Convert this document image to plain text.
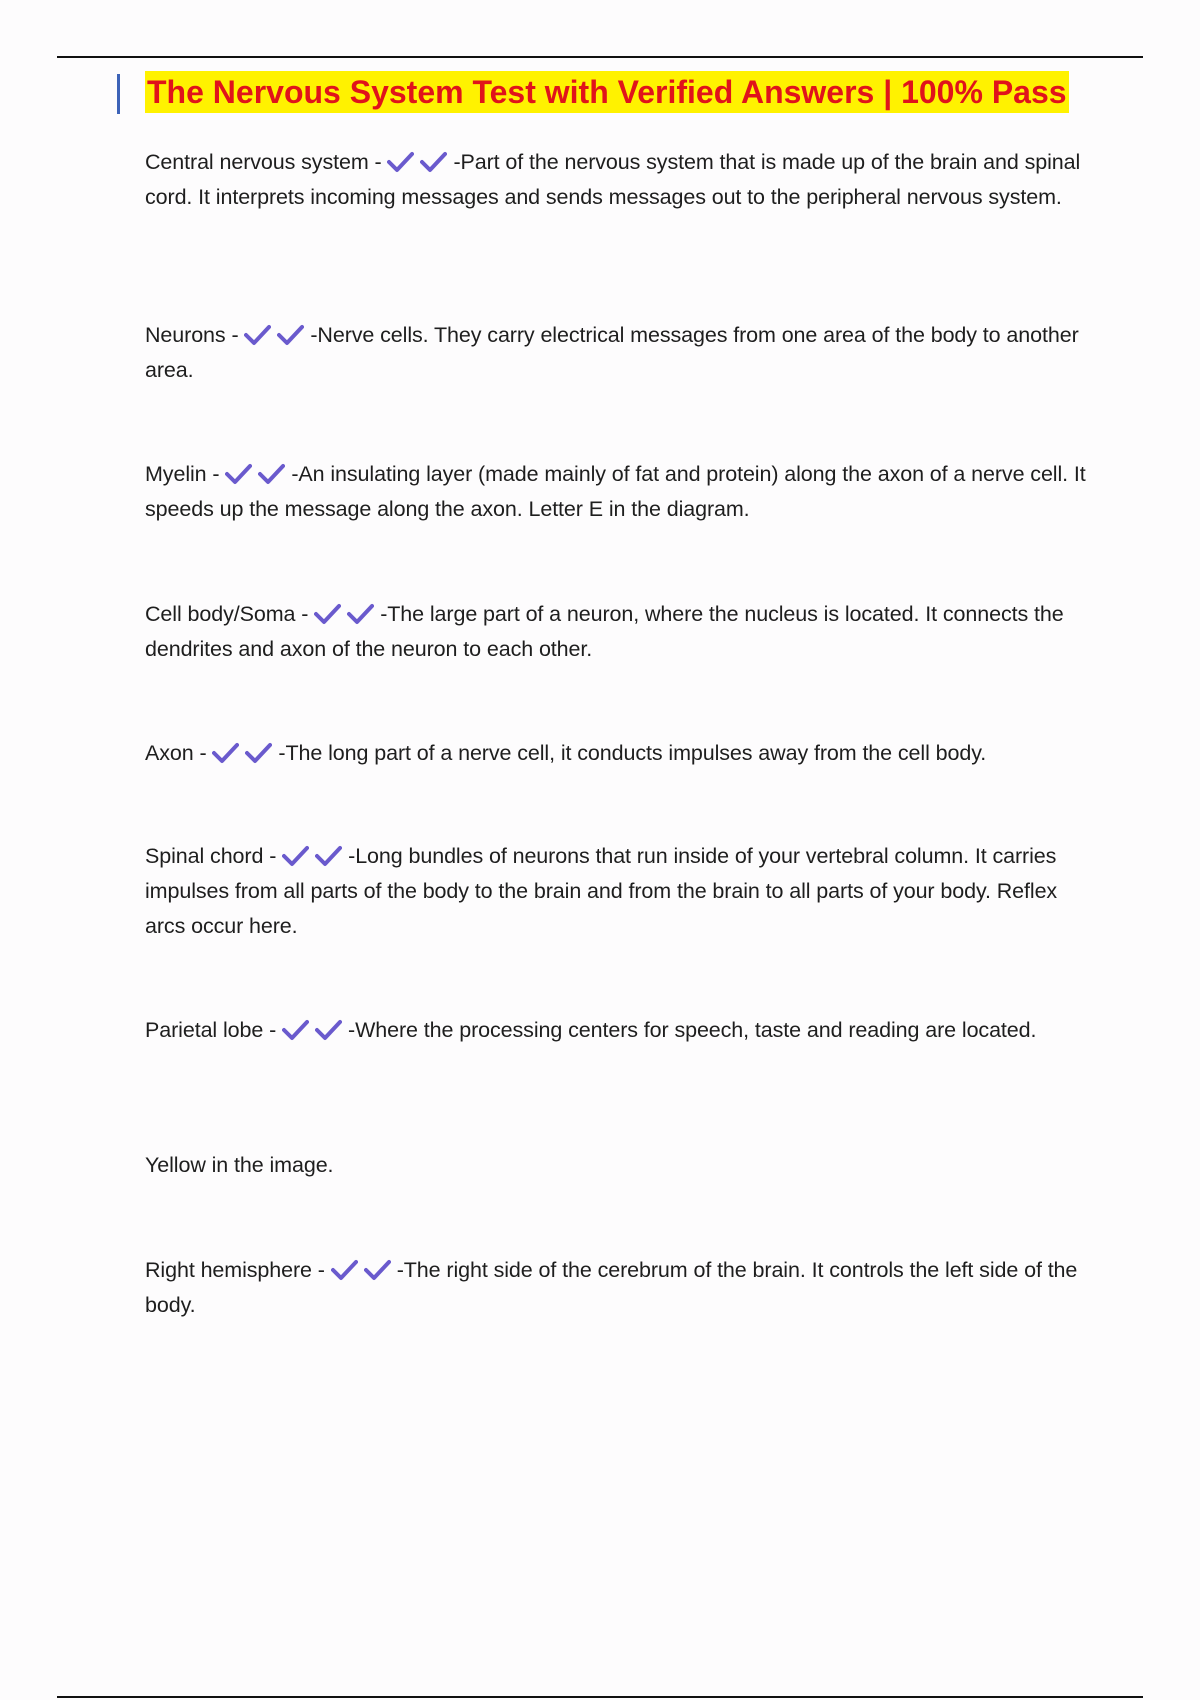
The Nervous System Test with Verified Answers | 100% Pass
Central nervous system -	-Part of the nervous system that is made up of the brain and spinal cord. It interprets incoming messages and sends messages out to the peripheral nervous system.
Neurons -	-Nerve cells. They carry electrical messages from one area of the body to another area.
Myelin -	-An insulating layer (made mainly of fat and protein) along the axon of a nerve cell. It speeds up the message along the axon. Letter E in the diagram.
Cell body/Soma -	-The large part of a neuron, where the nucleus is located. It connects the dendrites and axon of the neuron to each other.
Axon -	-The long part of a nerve cell, it conducts impulses away from the cell body.
Spinal chord -	-Long bundles of neurons that run inside of your vertebral column. It carries impulses from all parts of the body to the brain and from the brain to all parts of your body. Reflex arcs occur here.
Parietal lobe -	-Where the processing centers for speech, taste and reading are located.
Yellow in the image.
Right hemisphere -	-The right side of the cerebrum of the brain. It controls the left side of the body.
